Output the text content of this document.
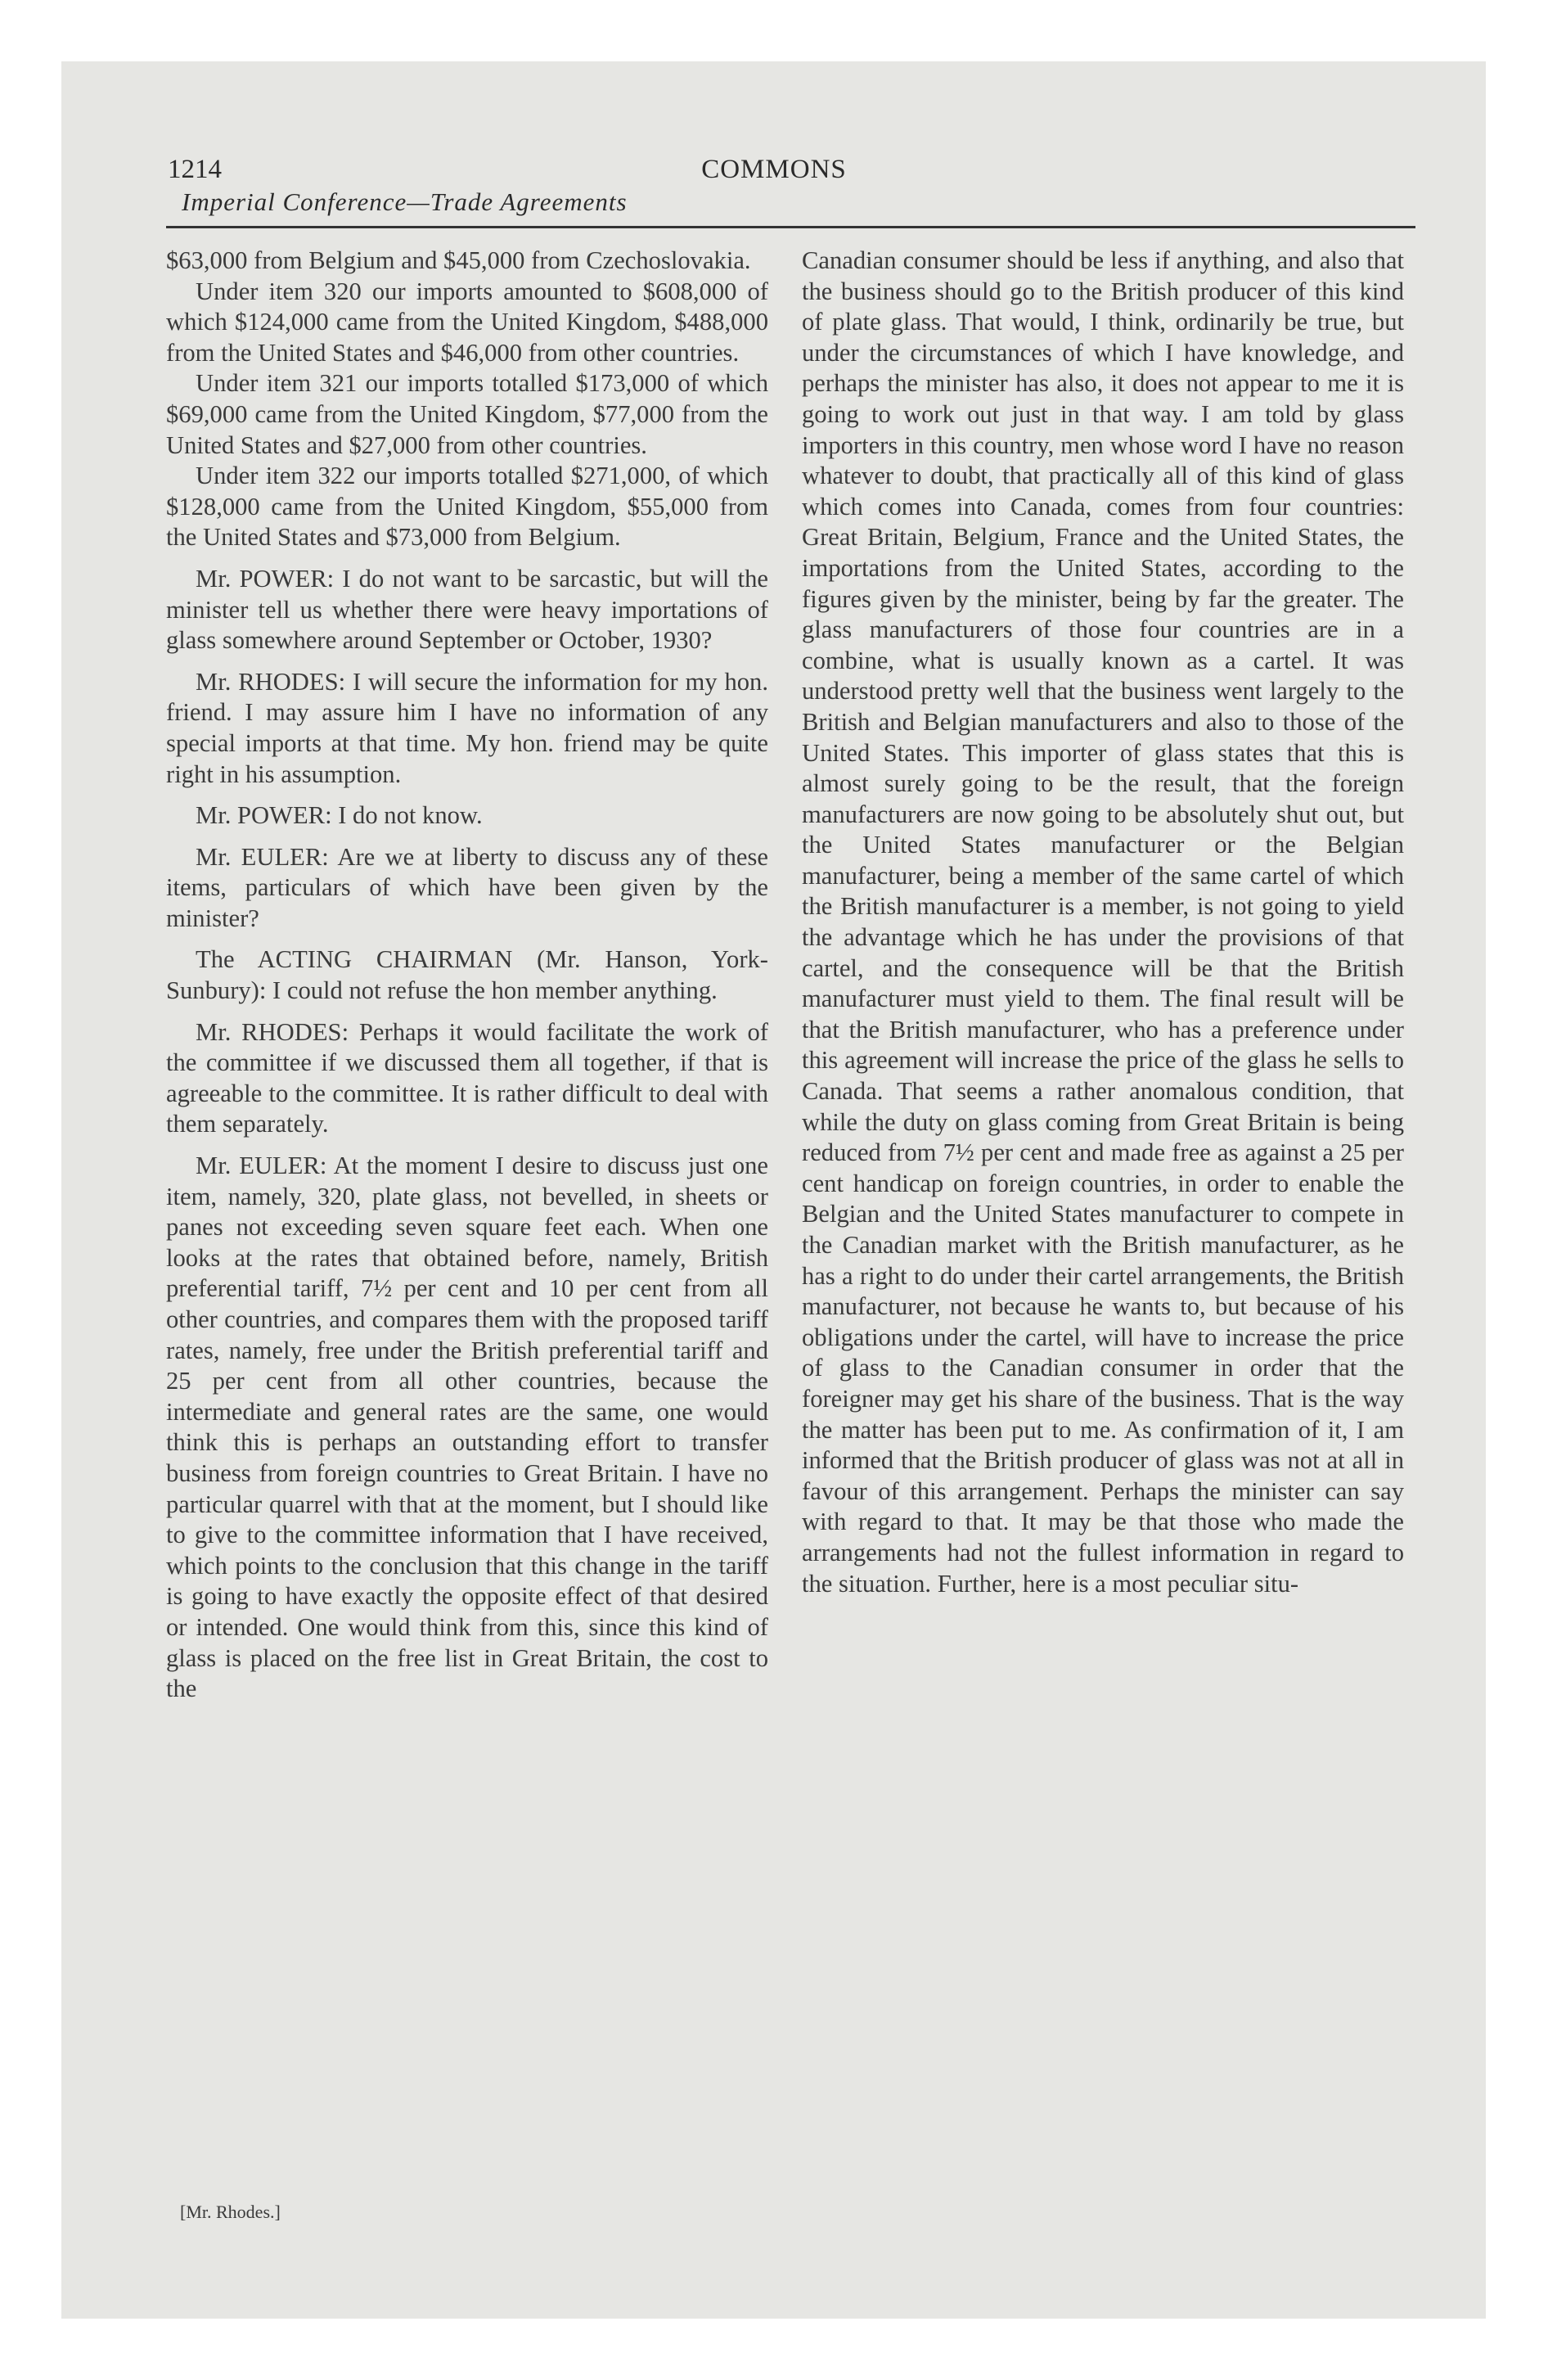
1214	COMMONS
Imperial Conference—Trade Agreements

$63,000 from Belgium and $45,000 from Czechoslovakia.

Under item 320 our imports amounted to $608,000 of which $124,000 came from the United Kingdom, $488,000 from the United States and $46,000 from other countries.

Under item 321 our imports totalled $173,000 of which $69,000 came from the United Kingdom, $77,000 from the United States and $27,000 from other countries.

Under item 322 our imports totalled $271,000, of which $128,000 came from the United Kingdom, $55,000 from the United States and $73,000 from Belgium.

Mr. POWER: I do not want to be sarcastic, but will the minister tell us whether there were heavy importations of glass somewhere around September or October, 1930?

Mr. RHODES: I will secure the information for my hon. friend. I may assure him I have no information of any special imports at that time. My hon. friend may be quite right in his assumption.

Mr. POWER: I do not know.

Mr. EULER: Are we at liberty to discuss any of these items, particulars of which have been given by the minister?

The ACTING CHAIRMAN (Mr. Hanson, York-Sunbury): I could not refuse the hon member anything.

Mr. RHODES: Perhaps it would facilitate the work of the committee if we discussed them all together, if that is agreeable to the committee. It is rather difficult to deal with them separately.

Mr. EULER: At the moment I desire to discuss just one item, namely, 320, plate glass, not bevelled, in sheets or panes not exceeding seven square feet each. When one looks at the rates that obtained before, namely, British preferential tariff, 7½ per cent and 10 per cent from all other countries, and compares them with the proposed tariff rates, namely, free under the British preferential tariff and 25 per cent from all other countries, because the intermediate and general rates are the same, one would think this is perhaps an outstanding effort to transfer business from foreign countries to Great Britain. I have no particular quarrel with that at the moment, but I should like to give to the committee information that I have received, which points to the conclusion that this change in the tariff is going to have exactly the opposite effect of that desired or intended. One would think from this, since this kind of glass is placed on the free list in Great Britain, the cost to the

Canadian consumer should be less if anything, and also that the business should go to the British producer of this kind of plate glass. That would, I think, ordinarily be true, but under the circumstances of which I have knowledge, and perhaps the minister has also, it does not appear to me it is going to work out just in that way. I am told by glass importers in this country, men whose word I have no reason whatever to doubt, that practically all of this kind of glass which comes into Canada, comes from four countries: Great Britain, Belgium, France and the United States, the importations from the United States, according to the figures given by the minister, being by far the greater. The glass manufacturers of those four countries are in a combine, what is usually known as a cartel. It was understood pretty well that the business went largely to the British and Belgian manufacturers and also to those of the United States. This importer of glass states that this is almost surely going to be the result, that the foreign manufacturers are now going to be absolutely shut out, but the United States manufacturer or the Belgian manufacturer, being a member of the same cartel of which the British manufacturer is a member, is not going to yield the advantage which he has under the provisions of that cartel, and the consequence will be that the British manufacturer must yield to them. The final result will be that the British manufacturer, who has a preference under this agreement will increase the price of the glass he sells to Canada. That seems a rather anomalous condition, that while the duty on glass coming from Great Britain is being reduced from 7½ per cent and made free as against a 25 per cent handicap on foreign countries, in order to enable the Belgian and the United States manufacturer to compete in the Canadian market with the British manufacturer, as he has a right to do under their cartel arrangements, the British manufacturer, not because he wants to, but because of his obligations under the cartel, will have to increase the price of glass to the Canadian consumer in order that the foreigner may get his share of the business. That is the way the matter has been put to me. As confirmation of it, I am informed that the British producer of glass was not at all in favour of this arrangement. Perhaps the minister can say with regard to that. It may be that those who made the arrangements had not the fullest information in regard to the situation. Further, here is a most peculiar situ-

[Mr. Rhodes.]
